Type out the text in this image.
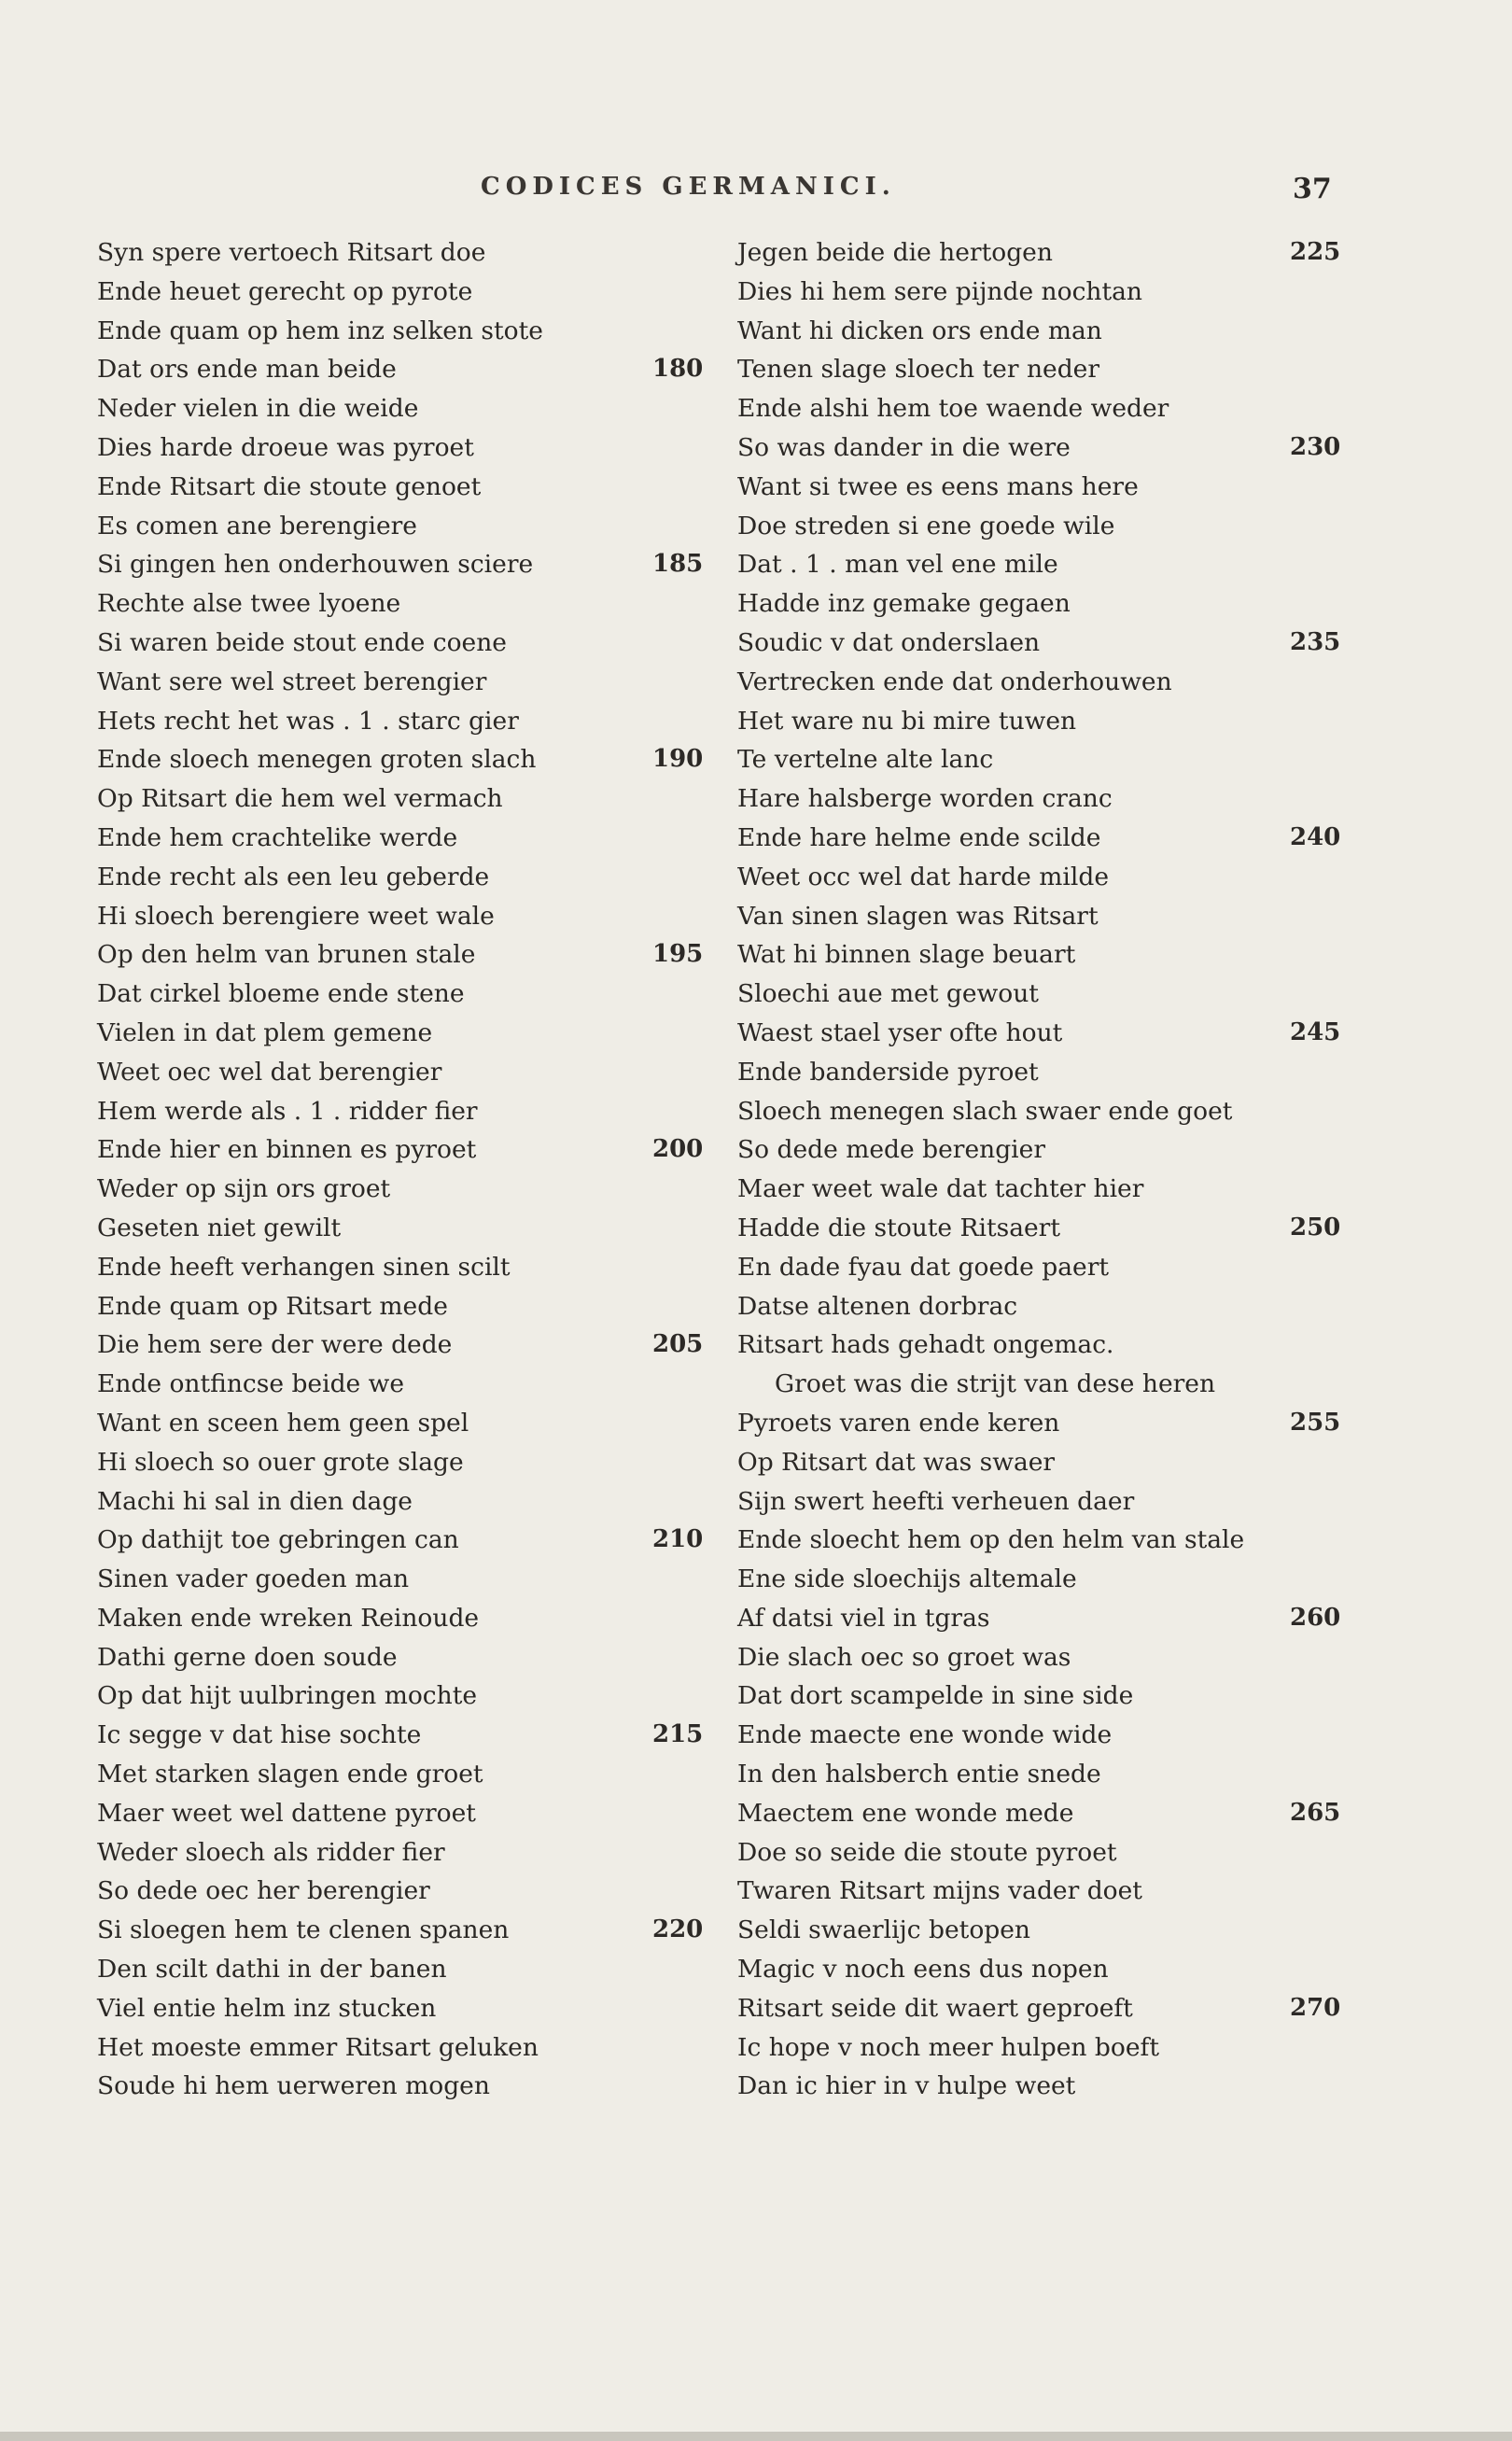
CODICES GERMANICI.	37
Syn spere vertoech Ritsart doe
Ende heuet gerecht op pyrote
Ende quam op hem inz selken stote
Dat ors ende man beide	180
Neder vielen in die weide
Dies harde droeue was pyroet
Ende Ritsart die stoute genoet
Es comen ane berengiere
Si gingen hen onderhouwen sciere	185
Rechte alse twee lyoene
Si waren beide stout ende coene
Want sere wel street berengier
Hets recht het was . 1 . starc gier
Ende sloech menegen groten slach	190
Op Ritsart die hem wel vermach
Ende hem crachtelike werde
Ende recht als een leu geberde
Hi sloech berengiere weet wale
Op den helm van brunen stale	195
Dat cirkel bloeme ende stene
Vielen in dat plem gemene
Weet oec wel dat berengier
Hem werde als . 1 . ridder fier
Ende hier en binnen es pyroet	200
Weder op sijn ors groet
Geseten niet gewilt
Ende heeft verhangen sinen scilt
Ende quam op Ritsart mede
Die hem sere der were dede	205
Ende ontfincse beide we
Want en sceen hem geen spel
Hi sloech so ouer grote slage
Machi hi sal in dien dage
Op dathijt toe gebringen can	210
Sinen vader goeden man
Maken ende wreken Reinoude
Dathi gerne doen soude
Op dat hijt uulbringen mochte
Ic segge v dat hise sochte	215
Met starken slagen ende groet
Maer weet wel dattene pyroet
Weder sloech als ridder fier
So dede oec her berengier
Si sloegen hem te clenen spanen	220
Den scilt dathi in der banen
Viel entie helm inz stucken
Het moeste emmer Ritsart geluken
Soude hi hem uerweren mogen
Jegen beide die hertogen	225
Dies hi hem sere pijnde nochtan
Want hi dicken ors ende man
Tenen slage sloech ter neder
Ende alshi hem toe waende weder
So was dander in die were	230
Want si twee es eens mans here
Doe streden si ene goede wile
Dat . 1 . man vel ene mile
Hadde inz gemake gegaen
Soudic v dat onderslaen	235
Vertrecken ende dat onderhouwen
Het ware nu bi mire tuwen
Te vertelne alte lanc
Hare halsberge worden cranc
Ende hare helme ende scilde	240
Weet occ wel dat harde milde
Van sinen slagen was Ritsart
Wat hi binnen slage beuart
Sloechi aue met gewout
Waest stael yser ofte hout	245
Ende banderside pyroet
Sloech menegen slach swaer ende goet
So dede mede berengier
Maer weet wale dat tachter hier
Hadde die stoute Ritsaert	250
En dade fyau dat goede paert
Datse altenen dorbrac
Ritsart hads gehadt ongemac.
Groet was die strijt van dese heren
Pyroets varen ende keren	255
Op Ritsart dat was swaer
Sijn swert heefti verheuen daer
Ende sloecht hem op den helm van stale
Ene side sloechijs altemale
Af datsi viel in tgras	260
Die slach oec so groet was
Dat dort scampelde in sine side
Ende maecte ene wonde wide
In den halsberch entie snede
Maectem ene wonde mede	265
Doe so seide die stoute pyroet
Twaren Ritsart mijns vader doet
Seldi swaerlijc betopen
Magic v noch eens dus nopen
Ritsart seide dit waert geproeft	270
Ic hope v noch meer hulpen boeft
Dan ic hier in v hulpe weet
